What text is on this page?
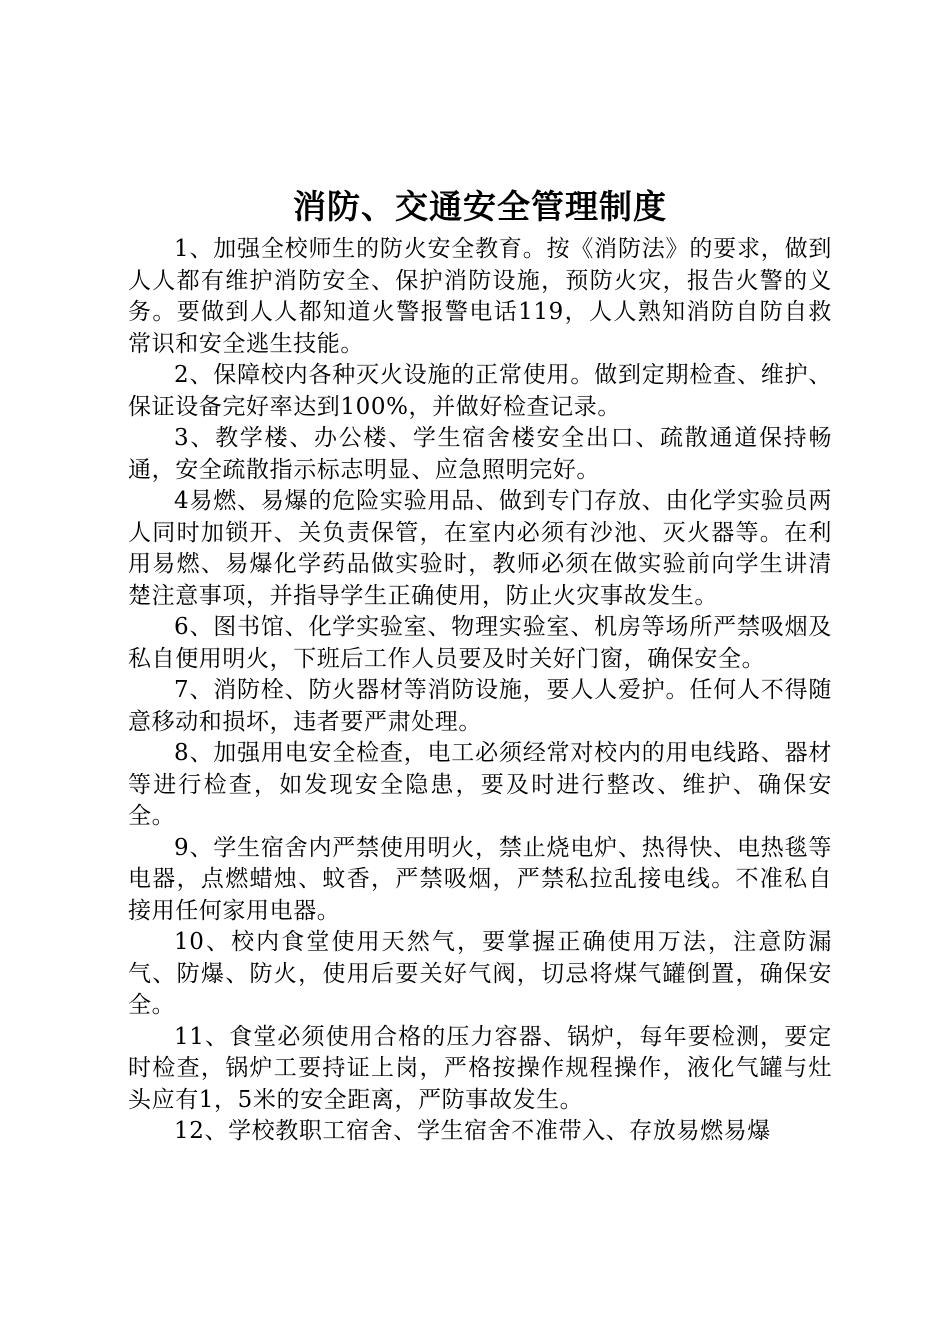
消防、交通安全管理制度

1、加强全校师生的防火安全教育。按《消防法》的要求，做到人人都有维护消防安全、保护消防设施，预防火灾，报告火警的义务。要做到人人都知道火警报警电话119，人人熟知消防自防自救常识和安全逃生技能。

2、保障校内各种灭火设施的正常使用。做到定期检查、维护、保证设备完好率达到100%，并做好检查记录。

3、教学楼、办公楼、学生宿舍楼安全出口、疏散通道保持畅通，安全疏散指示标志明显、应急照明完好。

4易燃、易爆的危险实验用品、做到专门存放、由化学实验员两人同时加锁开、关负责保管，在室内必须有沙池、灭火器等。在利用易燃、易爆化学药品做实验时，教师必须在做实验前向学生讲清楚注意事项，并指导学生正确使用，防止火灾事故发生。

6、图书馆、化学实验室、物理实验室、机房等场所严禁吸烟及私自便用明火，下班后工作人员要及时关好门窗，确保安全。

7、消防栓、防火器材等消防设施，要人人爱护。任何人不得随意移动和损坏，违者要严肃处理。

8、加强用电安全检查，电工必须经常对校内的用电线路、器材等进行检查，如发现安全隐患，要及时进行整改、维护、确保安全。

9、学生宿舍内严禁使用明火，禁止烧电炉、热得快、电热毯等电器，点燃蜡烛、蚊香，严禁吸烟，严禁私拉乱接电线。不准私自接用任何家用电器。

10、校内食堂使用天然气，要掌握正确使用万法，注意防漏气、防爆、防火，使用后要关好气阀，切忌将煤气罐倒置，确保安全。

11、食堂必须使用合格的压力容器、锅炉，每年要检测，要定时检查，锅炉工要持证上岗，严格按操作规程操作，液化气罐与灶头应有1，5米的安全距离，严防事故发生。

12、学校教职工宿舍、学生宿舍不准带入、存放易燃易爆
